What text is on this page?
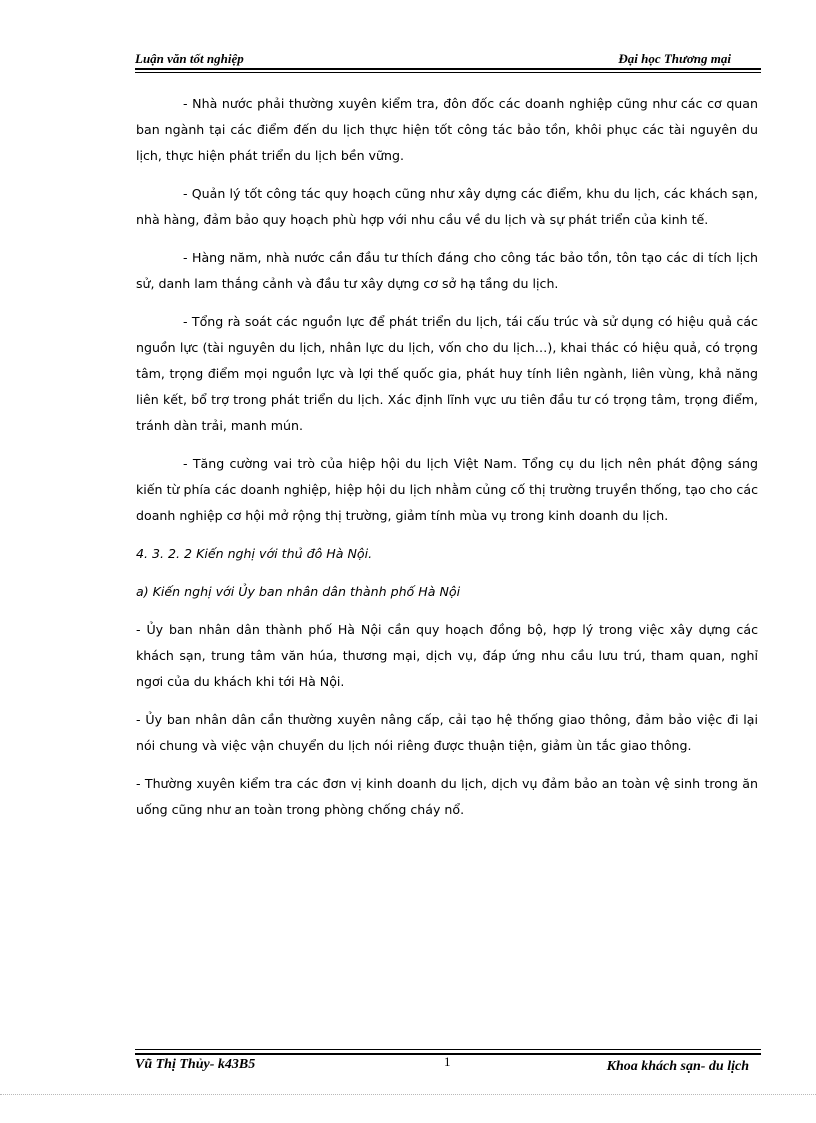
Luận văn tốt nghiệp	Đại học Thương mại

- Nhà nước phải thường xuyên kiểm tra, đôn đốc các doanh nghiệp cũng như các cơ quan ban ngành tại các điểm đến du lịch thực hiện tốt công tác bảo tồn, khôi phục các tài nguyên du lịch, thực hiện phát triển du lịch bền vững.

- Quản lý tốt công tác quy hoạch cũng như xây dựng các điểm, khu du lịch, các khách sạn, nhà hàng, đảm bảo quy hoạch phù hợp với nhu cầu về du lịch và sự phát triển của kinh tế.

- Hàng năm, nhà nước cần đầu tư thích đáng cho công tác bảo tồn, tôn tạo các di tích lịch sử, danh lam thắng cảnh và đầu tư xây dựng cơ sở hạ tầng du lịch.

- Tổng rà soát các nguồn lực để phát triển du lịch, tái cấu trúc và sử dụng có hiệu quả các nguồn lực (tài nguyên du lịch, nhân lực du lịch, vốn cho du lịch…), khai thác có hiệu quả, có trọng tâm, trọng điểm mọi nguồn lực và lợi thế quốc gia, phát huy tính liên ngành, liên vùng, khả năng liên kết, bổ trợ trong phát triển du lịch. Xác định lĩnh vực ưu tiên đầu tư có trọng tâm, trọng điểm, tránh dàn trải, manh mún.

- Tăng cường vai trò của hiệp hội du lịch Việt Nam. Tổng cụ du lịch nên phát động sáng kiến từ phía các doanh nghiệp, hiệp hội du lịch nhằm củng cố thị trường truyền thống, tạo cho các doanh nghiệp cơ hội mở rộng thị trường, giảm tính mùa vụ trong kinh doanh du lịch.

4. 3. 2. 2 Kiến nghị với thủ đô Hà Nội.

a) Kiến nghị với Ủy ban nhân dân thành phố Hà Nội

- Ủy ban nhân dân thành phố Hà Nội cần quy hoạch đồng bộ, hợp lý trong việc xây dựng các khách sạn, trung tâm văn húa, thương mại, dịch vụ, đáp ứng nhu cầu lưu trú, tham quan, nghỉ ngơi của du khách khi tới Hà Nội.

- Ủy ban nhân dân cần thường xuyên nâng cấp, cải tạo hệ thống giao thông, đảm bảo việc đi lại nói chung và việc vận chuyển du lịch nói riêng được thuận tiện, giảm ùn tắc giao thông.

- Thường xuyên kiểm tra các đơn vị kinh doanh du lịch, dịch vụ đảm bảo an toàn vệ sinh trong ăn uống cũng như an toàn trong phòng chống cháy nổ.

Vũ Thị Thủy- k43B5	1	Khoa khách sạn- du lịch
